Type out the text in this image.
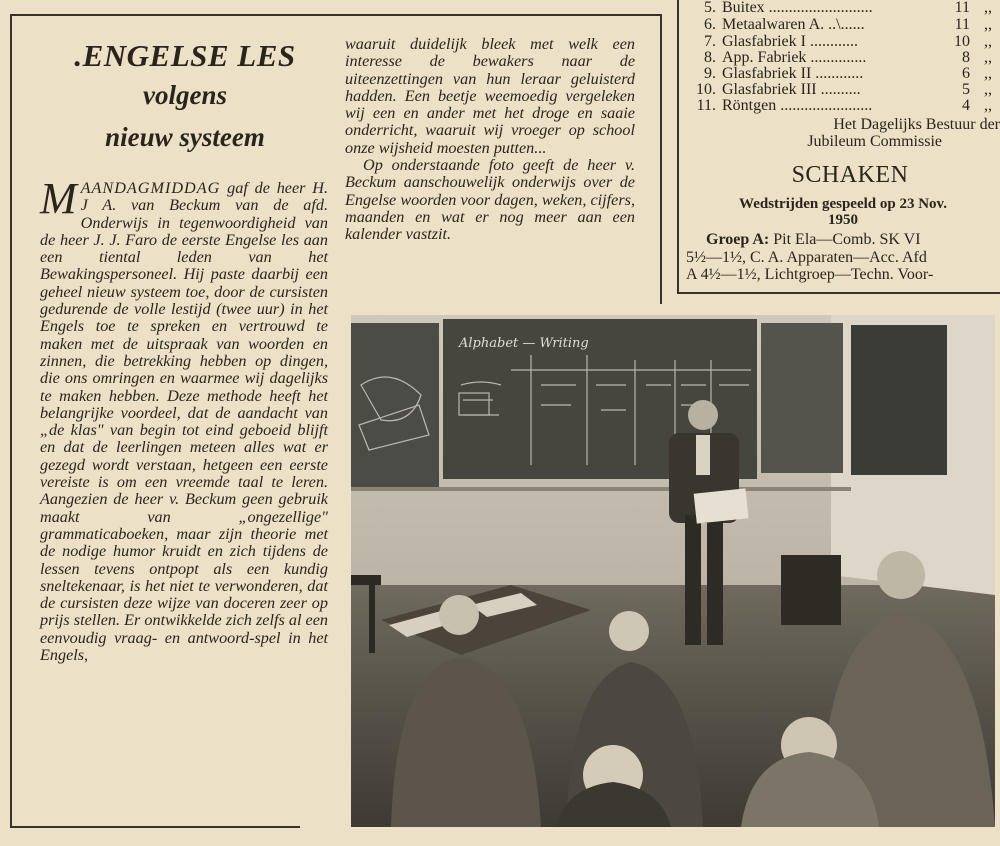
.ENGELSE LES
volgens
nieuw systeem

MAANDAGMIDDAG gaf de heer H. J A. van Beckum van de afd. Onderwijs in tegenwoordigheid van de heer J. J. Faro de eerste Engelse les aan een tiental leden van het Bewakingspersoneel. Hij paste daarbij een geheel nieuw systeem toe, door de cursisten gedurende de volle lestijd (twee uur) in het Engels toe te spreken en vertrouwd te maken met de uitspraak van woorden en zinnen, die betrekking hebben op dingen, die ons omringen en waarmee wij dagelijks te maken hebben. Deze methode heeft het belangrijke voordeel, dat de aandacht van „de klas" van begin tot eind geboeid blijft en dat de leerlingen meteen alles wat er gezegd wordt verstaan, hetgeen een eerste vereiste is om een vreemde taal te leren. Aangezien de heer v. Beckum geen gebruik maakt van „ongezellige" grammaticaboeken, maar zijn theorie met de nodige humor kruidt en zich tijdens de lessen tevens ontpopt als een kundig sneltekenaar, is het niet te verwonderen, dat de cursisten deze wijze van doceren zeer op prijs stellen. Er ontwikkelde zich zelfs al een eenvoudig vraag- en antwoord-spel in het Engels,

waaruit duidelijk bleek met welk een interesse de bewakers naar de uiteenzettingen van hun leraar geluisterd hadden. Een beetje weemoedig vergeleken wij een en ander met het droge en saaie onderricht, waaruit wij vroeger op school onze wijsheid moesten putten...
Op onderstaande foto geeft de heer v. Beckum aanschouwelijk onderwijs over de Engelse woorden voor dagen, weken, cijfers, maanden en wat er nog meer aan een kalender vastzit.

5. Buitex ..........................	11 ,,
6. Metaalwaren A. ..\......	11 ,,
7. Glasfabriek I ............	10 ,,
8. App. Fabriek ..............	8 ,,
9. Glasfabriek II ............	6 ,,
10. Glasfabriek III ..........	5 ,,
11. Röntgen .......................	4 ,,
Het Dagelijks Bestuur der
Jubileum Commissie
SCHAKEN
Wedstrijden gespeeld op 23 Nov.
1950
Groep A: Pit Ela—Comb. SK VI
5½—1½, C. A. Apparaten—Acc. Afd
A 4½—1½, Lichtgroep—Techn. Voor-
Alphabet — Writing
